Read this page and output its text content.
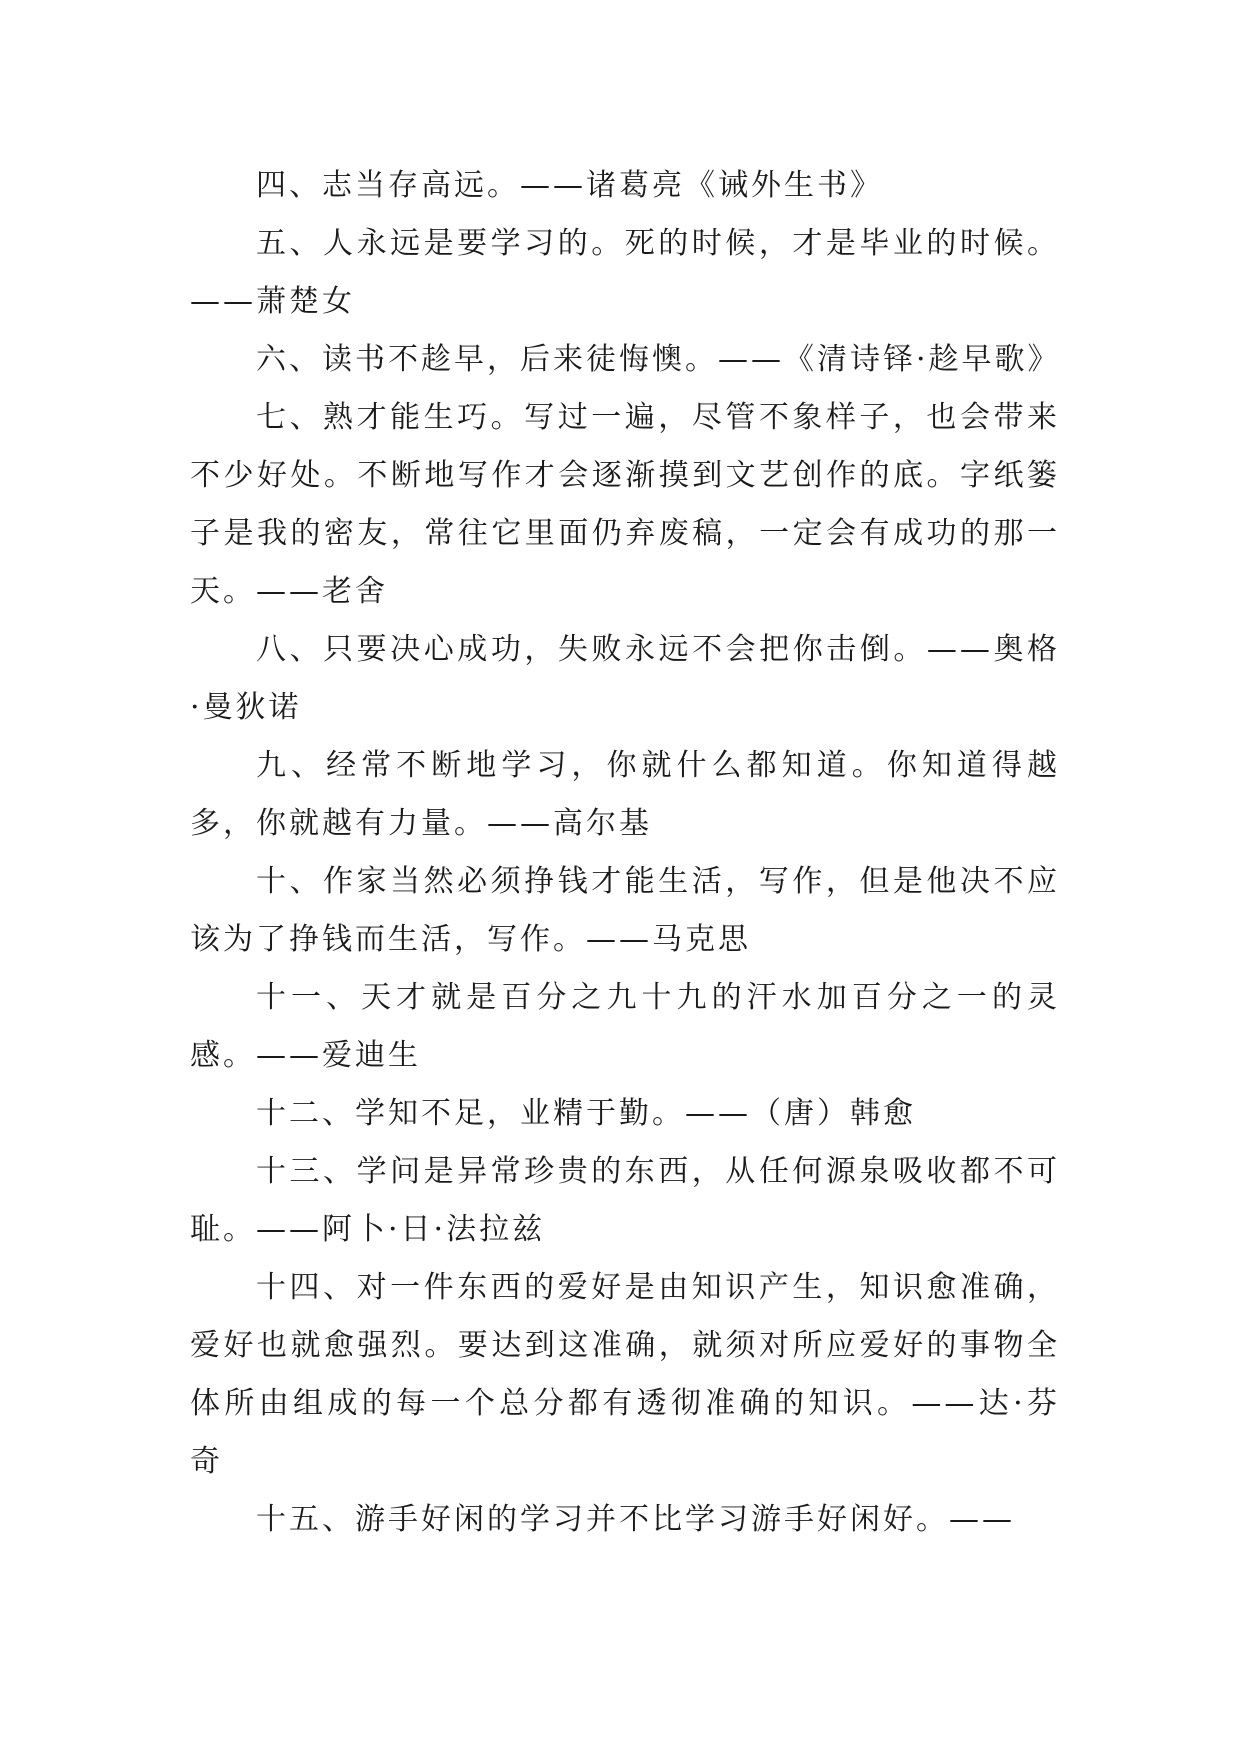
四、志当存高远。——诸葛亮《诫外生书》

五、人永远是要学习的。死的时候，才是毕业的时候。——萧楚女

六、读书不趁早，后来徒悔懊。——《清诗铎·趁早歌》

七、熟才能生巧。写过一遍，尽管不象样子，也会带来不少好处。不断地写作才会逐渐摸到文艺创作的底。字纸篓子是我的密友，常往它里面仍弃废稿，一定会有成功的那一天。——老舍

八、只要决心成功，失败永远不会把你击倒。——奥格·曼狄诺

九、经常不断地学习，你就什么都知道。你知道得越多，你就越有力量。——高尔基

十、作家当然必须挣钱才能生活，写作，但是他决不应该为了挣钱而生活，写作。——马克思

十一、天才就是百分之九十九的汗水加百分之一的灵感。——爱迪生

十二、学知不足，业精于勤。——（唐）韩愈

十三、学问是异常珍贵的东西，从任何源泉吸收都不可耻。——阿卜·日·法拉兹

十四、对一件东西的爱好是由知识产生，知识愈准确，爱好也就愈强烈。要达到这准确，就须对所应爱好的事物全体所由组成的每一个总分都有透彻准确的知识。——达·芬奇

十五、游手好闲的学习并不比学习游手好闲好。——
